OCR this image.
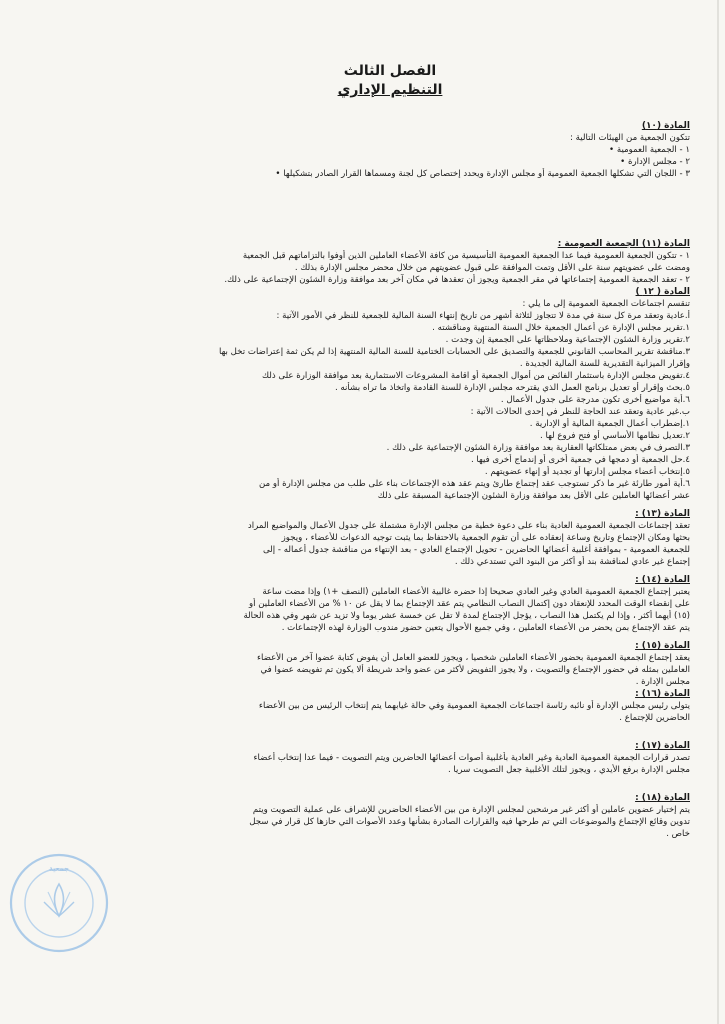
الفصل الثالث
التنظيم الإداري
المادة (١٠)
تتكون الجمعية من الهيئات التالية :
١ - الجمعية العمومية •
٢ - مجلس الإدارة •
٣ - اللجان التي تشكلها الجمعية العمومية أو مجلس الإدارة ويحدد إختصاص كل لجنة ومسماها القرار الصادر بتشكيلها •
المادة (١١) الجمعية العمومية :
١ - تتكون الجمعية العمومية فيما عدا الجمعية العمومية التأسيسية من كافة الأعضاء العاملين الذين أوفوا بالتزاماتهم قبل الجمعية
ومضت على عضويتهم سنة على الأقل وتمت الموافقة على قبول عضويتهم من خلال محضر مجلس الإدارة بذلك .
٢ - تعقد الجمعية العمومية إجتماعاتها في مقر الجمعية ويجوز أن تعقدها في مكان آخر بعد موافقة وزارة الشئون الإجتماعية على ذلك.
المادة ( ١٢ )
تنقسم اجتماعات الجمعية العمومية إلى ما يلي :
أ.عادية وتعقد مرة كل سنة في مدة لا تتجاوز لثلاثة أشهر من تاريخ إنتهاء السنة المالية للجمعية للنظر في الأمور الآتية :
١.تقرير مجلس الإدارة عن أعمال الجمعية خلال السنة المنتهية ومناقشته .
٢.تقرير وزارة الشئون الإجتماعية وملاحظاتها على الجمعية إن وجدت .
٣.مناقشة تقرير المحاسب القانوني للجمعية والتصديق على الحسابات الختامية للسنة المالية المنتهية إذا لم يكن ثمة إعتراضات تخل بها
وإقرار الميزانية التقديرية للسنة المالية الجديدة .
٤.تفويض مجلس الإدارة باستثمار الفائض من أموال الجمعية أو اقامة المشروعات الاستثمارية بعد موافقة الوزارة على ذلك
٥.بحث وإقرار أو تعديل برنامج العمل الذي يقترحه مجلس الإدارة للسنة القادمة واتخاذ ما تراه بشأنه .
٦.أية مواضيع أخرى تكون مدرجة على جدول الأعمال .
ب.غير عادية وتعقد عند الحاجة للنظر في إحدى الحالات الآتية :
١.إضطراب أعمال الجمعية المالية أو الإدارية .
٢.تعديل نظامها الأساسي أو فتح فروع لها .
٣.التصرف في بعض ممتلكاتها العقارية بعد موافقة وزارة الشئون الإجتماعية على ذلك .
٤.حل الجمعية أو دمجها في جمعية أخرى أو إندماج أخرى فيها .
٥.إنتخاب أعضاء مجلس إدارتها أو تجديد أو إنهاء عضويتهم .
٦.أية أمور طارئة غير ما ذكر تستوجب عقد إجتماع طارئ ويتم عقد هذه الإجتماعات بناء على طلب من مجلس الإدارة أو من
عشر أعضائها العاملين على الأقل بعد موافقة وزارة الشئون الإجتماعية المسبقة على ذلك
المادة (١٣) :
تعقد إجتماعات الجمعية العمومية العادية بناء على دعوة خطية من مجلس الإدارة مشتملة على جدول الأعمال والمواضيع المراد
بحثها ومكان الإجتماع وتاريخ وساعة إنعقاده على أن تقوم الجمعية بالاحتفاظ بما يثبت توجيه الدعوات للأعضاء ، ويجوز
للجمعية العمومية - بموافقة أغلبية أعضائها الحاضرين - تحويل الإجتماع العادي - بعد الإنتهاء من مناقشة جدول أعماله - إلى
إجتماع غير عادي لمناقشة بند أو أكثر من البنود التي تستدعي ذلك .
المادة (١٤) :
يعتبر إجتماع الجمعية العمومية العادي وغير العادي صحيحا إذا حضره غالبية الأعضاء العاملين (النصف +١) وإذا مضت ساعة
على إنقضاء الوقت المحدد للإنعقاد دون إكتمال النصاب النظامي يتم عقد الإجتماع بما لا يقل عن ١٠ % من الأعضاء العاملين أو
(١٥) أيهما أكثر ، وإذا لم يكتمل هذا النصاب ، يؤجل الإجتماع لمدة لا تقل عن خمسة عشر يوما ولا تزيد عن شهر وفي هذه الحالة
يتم عقد الإجتماع بمن يحضر من الأعضاء العاملين ، وفي جميع الأحوال يتعين حضور مندوب الوزارة لهذه الإجتماعات .
المادة (١٥) :
يعقد إجتماع الجمعية العمومية بحضور الأعضاء العاملين شخصيا ، ويجوز للعضو العامل أن يفوض كتابة عضوا آخر من الأعضاء
العاملين بمثله في حضور الإجتماع والتصويت ، ولا يجوز التفويض لأكثر من عضو واحد شريطة ألا يكون تم تفويضه عضوا في
مجلس الإدارة .
المادة (١٦) :
يتولى رئيس مجلس الإدارة أو نائبه رئاسة اجتماعات الجمعية العمومية وفي حالة غيابهما يتم إنتخاب الرئيس من بين الأعضاء
الحاضرين للإجتماع .
المادة (١٧) :
تصدر قرارات الجمعية العمومية العادية وغير العادية بأغلبية أصوات أعضائها الحاضرين ويتم التصويت - فيما عدا إنتخاب أعضاء
مجلس الإدارة برفع الأيدي ، ويجوز لتلك الأغلبية جعل التصويت سريا .
المادة (١٨) :
يتم إختيار عضوين عاملين أو أكثر غير مرشحين لمجلس الإدارة من بين الأعضاء الحاضرين للإشراف على عملية التصويت ويتم
تدوين وقائع الإجتماع والموضوعات التي تم طرحها فيه والقرارات الصادرة بشأنها وعدد الأصوات التي حازها كل قرار في سجل
خاص .
جمعية
